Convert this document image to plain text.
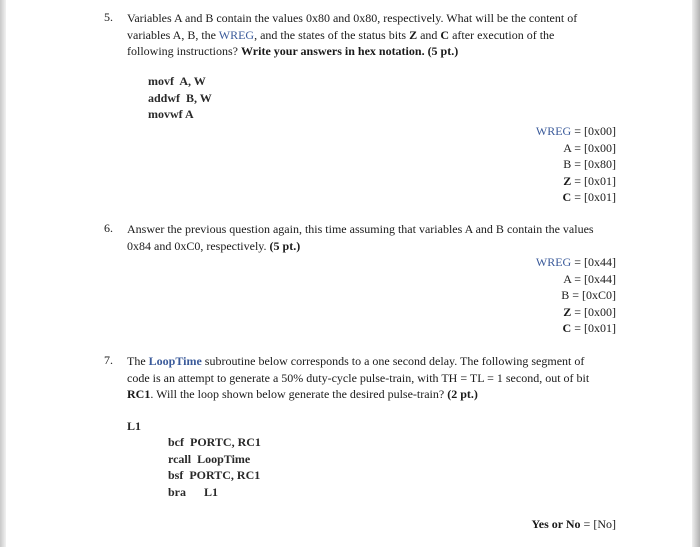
5. Variables A and B contain the values 0x80 and 0x80, respectively. What will be the content of
variables A, B, the WREG, and the states of the status bits Z and C after execution of the
following instructions? Write your answers in hex notation. (5 pt.)
movf  A, W
addwf  B, W
movwf A
WREG = [0x00]
A = [0x00]
B = [0x80]
Z = [0x01]
C = [0x01]
6. Answer the previous question again, this time assuming that variables A and B contain the values
0x84 and 0xC0, respectively. (5 pt.)
WREG = [0x44]
A = [0x44]
B = [0xC0]
Z = [0x00]
C = [0x01]
7. The LoopTime subroutine below corresponds to a one second delay. The following segment of
code is an attempt to generate a 50% duty-cycle pulse-train, with TH = TL = 1 second, out of bit
RC1. Will the loop shown below generate the desired pulse-train? (2 pt.)
L1
bcf  PORTC, RC1
rcall  LoopTime
bsf  PORTC, RC1
bra      L1
Yes or No = [No]
